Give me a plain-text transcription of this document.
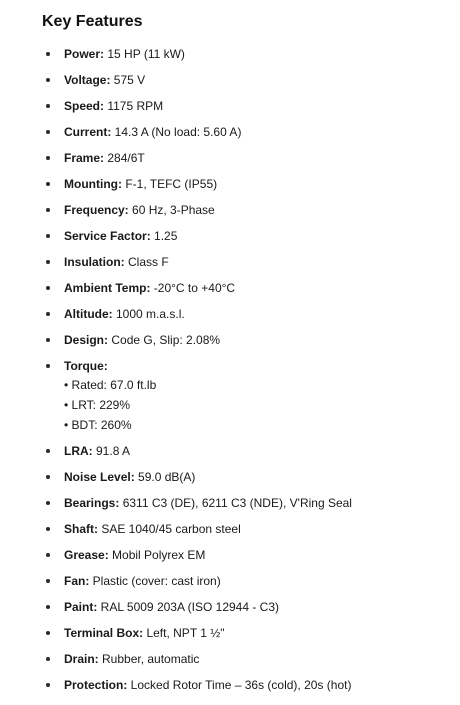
Key Features
Power: 15 HP (11 kW)
Voltage: 575 V
Speed: 1175 RPM
Current: 14.3 A (No load: 5.60 A)
Frame: 284/6T
Mounting: F-1, TEFC (IP55)
Frequency: 60 Hz, 3-Phase
Service Factor: 1.25
Insulation: Class F
Ambient Temp: -20°C to +40°C
Altitude: 1000 m.a.s.l.
Design: Code G, Slip: 2.08%
Torque:
• Rated: 67.0 ft.lb
• LRT: 229%
• BDT: 260%
LRA: 91.8 A
Noise Level: 59.0 dB(A)
Bearings: 6311 C3 (DE), 6211 C3 (NDE), V'Ring Seal
Shaft: SAE 1040/45 carbon steel
Grease: Mobil Polyrex EM
Fan: Plastic (cover: cast iron)
Paint: RAL 5009 203A (ISO 12944 - C3)
Terminal Box: Left, NPT 1 ½"
Drain: Rubber, automatic
Protection: Locked Rotor Time – 36s (cold), 20s (hot)
